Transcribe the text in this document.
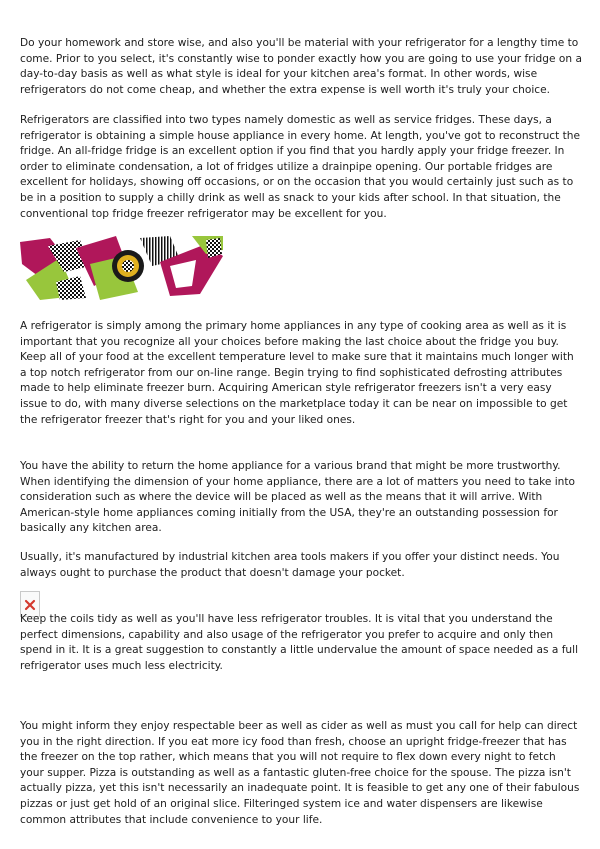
Do your homework and store wise, and also you'll be material with your refrigerator for a lengthy time to come. Prior to you select, it's constantly wise to ponder exactly how you are going to use your fridge on a day-to-day basis as well as what style is ideal for your kitchen area's format. In other words, wise refrigerators do not come cheap, and whether the extra expense is well worth it's truly your choice.

Refrigerators are classified into two types namely domestic as well as service fridges. These days, a refrigerator is obtaining a simple house appliance in every home. At length, you've got to reconstruct the fridge. An all-fridge fridge is an excellent option if you find that you hardly apply your fridge freezer. In order to eliminate condensation, a lot of fridges utilize a drainpipe opening. Our portable fridges are excellent for holidays, showing off occasions, or on the occasion that you would certainly just such as to be in a position to supply a chilly drink as well as snack to your kids after school. In that situation, the conventional top fridge freezer refrigerator may be excellent for you.

A refrigerator is simply among the primary home appliances in any type of cooking area as well as it is important that you recognize all your choices before making the last choice about the fridge you buy. Keep all of your food at the excellent temperature level to make sure that it maintains much longer with a top notch refrigerator from our on-line range. Begin trying to find sophisticated defrosting attributes made to help eliminate freezer burn. Acquiring American style refrigerator freezers isn't a very easy issue to do, with many diverse selections on the marketplace today it can be near on impossible to get the refrigerator freezer that's right for you and your liked ones.

You have the ability to return the home appliance for a various brand that might be more trustworthy. When identifying the dimension of your home appliance, there are a lot of matters you need to take into consideration such as where the device will be placed as well as the means that it will arrive. With American-style home appliances coming initially from the USA, they're an outstanding possession for basically any kitchen area.

Usually, it's manufactured by industrial kitchen area tools makers if you offer your distinct needs. You always ought to purchase the product that doesn't damage your pocket.

Keep the coils tidy as well as you'll have less refrigerator troubles. It is vital that you understand the perfect dimensions, capability and also usage of the refrigerator you prefer to acquire and only then spend in it. It is a great suggestion to constantly a little undervalue the amount of space needed as a full refrigerator uses much less electricity.

You might inform they enjoy respectable beer as well as cider as well as must you call for help can direct you in the right direction. If you eat more icy food than fresh, choose an upright fridge-freezer that has the freezer on the top rather, which means that you will not require to flex down every night to fetch your supper. Pizza is outstanding as well as a fantastic gluten-free choice for the spouse. The pizza isn't actually pizza, yet this isn't necessarily an inadequate point. It is feasible to get any one of their fabulous pizzas or just get hold of an original slice. Filteringed system ice and water dispensers are likewise common attributes that include convenience to your life.
